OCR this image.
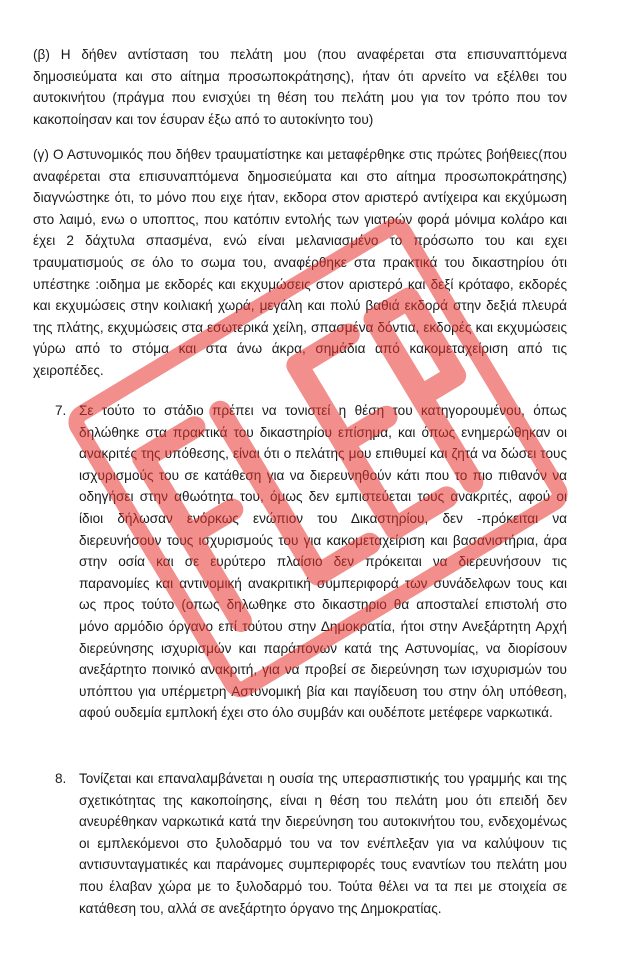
(β) Η δήθεν αντίσταση του πελάτη μου (που αναφέρεται στα επισυναπτόμενα δημοσιεύματα και στο αίτημα προσωποκράτησης), ήταν ότι αρνείτο να εξέλθει του αυτοκινήτου (πράγμα που ενισχύει τη θέση του πελάτη μου για τον τρόπο που τον κακοποίησαν και τον έσυραν έξω από το αυτοκίνητο του)

(γ) Ο Αστυνομικός που δήθεν τραυματίστηκε και μεταφέρθηκε στις πρώτες βοήθειες(που αναφέρεται στα επισυναπτόμενα δημοσιεύματα και στο αίτημα προσωποκράτησης) διαγνώστηκε ότι, το μόνο που ειχε ήταν, εκδορα στον αριστερό αντίχειρα και εκχύμωση στο λαιμό, ενω ο υποπτος, που κατόπιν εντολής των γιατρών φορά μόνιμα κολάρο και έχει 2 δάχτυλα σπασμένα, ενώ είναι μελανιασμένο το πρόσωπο του και εχει τραυματισμούς σε όλο το σωμα του, αναφέρθηκε στα πρακτικά του δικαστηρίου ότι υπέστηκε :οιδημα με εκδορές και εκχυμώσεις στον αριστερό και δεξί κρόταφο, εκδορές και εκχυμώσεις στην κοιλιακή χωρά, μεγάλη και πολύ βαθιά εκδορά στην δεξιά πλευρά της πλάτης, εκχυμώσεις στα εσωτερικά χείλη, σπασμένα δόντια, εκδορές και εκχυμώσεις γύρω από το στόμα και στα άνω άκρα, σημάδια από κακομεταχείριση από τις χειροπέδες.

7. Σε τούτο το στάδιο πρέπει να τονιστεί η θέση του κατηγορουμένου, όπως δηλώθηκε στα πρακτικά του δικαστηρίου επίσημα, και όπως ενημερώθηκαν οι ανακριτές της υπόθεσης, είναι ότι ο πελάτης μου επιθυμεί και ζητά να δώσει τους ισχυρισμούς του σε κατάθεση για να διερευνηθούν κάτι που το πιο πιθανόν να οδηγήσει στην αθωότητα του, όμως δεν εμπιστεύεται τους ανακριτές, αφού οι ίδιοι δήλωσαν ενόρκως ενώπιον του Δικαστηρίου, δεν -πρόκειται να διερευνήσουν τους ισχυρισμούς του για κακομεταχείριση και βασανιστήρια, άρα στην οσία και σε ευρύτερο πλαίσιο δεν πρόκειται να διερευνήσουν τις παρανομίες και αντινομική ανακριτική συμπεριφορά των συνάδελφων τους και ως προς τούτο (οπως δηλωθηκε στο δικαστηριο θα αποσταλεί επιστολή στο μόνο αρμόδιο όργανο επί τούτου στην Δημοκρατία, ήτοι στην Ανεξάρτητη Αρχή διερεύνησης ισχυρισμών και παράπονων κατά της Αστυνομίας, να διορίσουν ανεξάρτητο ποινικό ανακριτή, για να προβεί σε διερεύνηση των ισχυρισμών του υπόπτου για υπέρμετρη Αστυνομική βία και παγίδευση του στην όλη υπόθεση, αφού ουδεμία εμπλοκή έχει στο όλο συμβάν και ουδέποτε μετέφερε ναρκωτικά.
8. Τονίζεται και επαναλαμβάνεται η ουσία της υπερασπιστικής του γραμμής και της σχετικότητας της κακοποίησης, είναι η θέση του πελάτη μου ότι επειδή δεν ανευρέθηκαν ναρκωτικά κατά την διερεύνηση του αυτοκινήτου του, ενδεχομένως οι εμπλεκόμενοι στο ξυλοδαρμό του να τον ενέπλεξαν για να καλύψουν τις αντισυνταγματικές και παράνομες συμπεριφορές τους εναντίων του πελάτη μου που έλαβαν χώρα με το ξυλοδαρμό του. Τούτα θέλει να τα πει με στοιχεία σε κατάθεση του, αλλά σε ανεξάρτητο όργανο της Δημοκρατίας.
